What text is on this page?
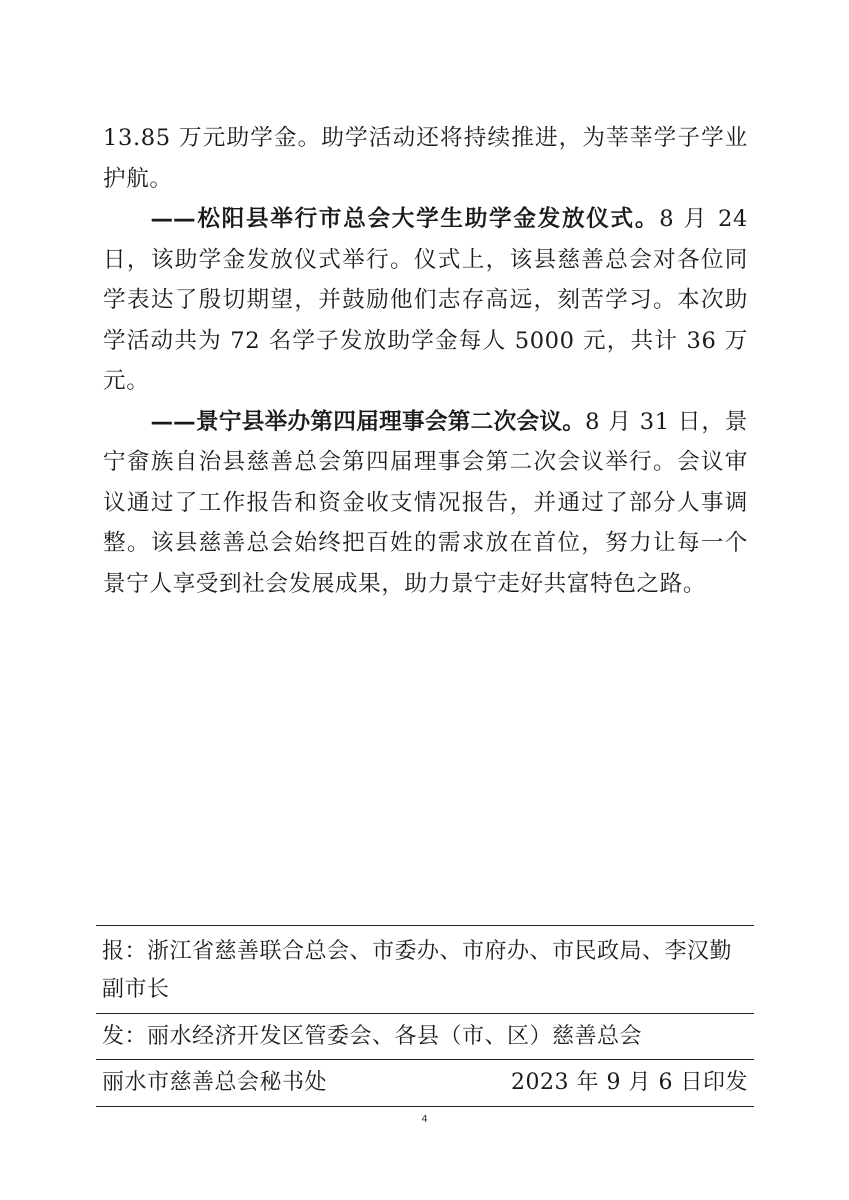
13.85 万元助学金。助学活动还将持续推进，为莘莘学子学业护航。

——松阳县举行市总会大学生助学金发放仪式。8 月 24 日，该助学金发放仪式举行。仪式上，该县慈善总会对各位同学表达了殷切期望，并鼓励他们志存高远，刻苦学习。本次助学活动共为 72 名学子发放助学金每人 5000 元，共计 36 万元。

——景宁县举办第四届理事会第二次会议。8 月 31 日，景宁畲族自治县慈善总会第四届理事会第二次会议举行。会议审议通过了工作报告和资金收支情况报告，并通过了部分人事调整。该县慈善总会始终把百姓的需求放在首位，努力让每一个景宁人享受到社会发展成果，助力景宁走好共富特色之路。

报：浙江省慈善联合总会、市委办、市府办、市民政局、李汉勤副市长
发：丽水经济开发区管委会、各县（市、区）慈善总会
丽水市慈善总会秘书处	2023 年 9 月 6 日印发
4
